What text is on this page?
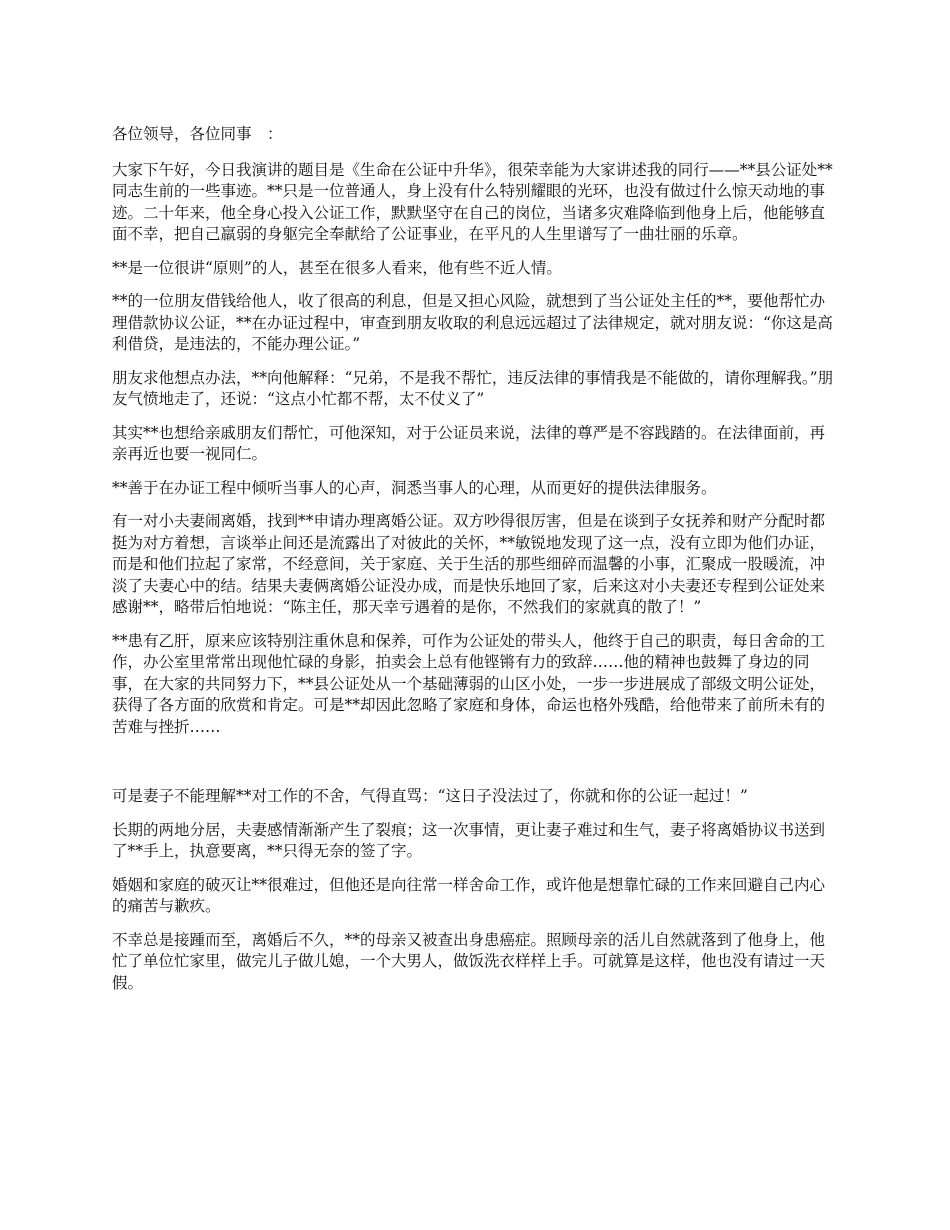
各位领导，各位同事　：

大家下午好，今日我演讲的题目是《生命在公证中升华》，很荣幸能为大家讲述我的同行——**县公证处**同志生前的一些事迹。**只是一位普通人，身上没有什么特别耀眼的光环，也没有做过什么惊天动地的事迹。二十年来，他全身心投入公证工作，默默坚守在自己的岗位，当诸多灾难降临到他身上后，他能够直面不幸，把自己羸弱的身躯完全奉献给了公证事业，在平凡的人生里谱写了一曲壮丽的乐章。

**是一位很讲“原则”的人，甚至在很多人看来，他有些不近人情。

**的一位朋友借钱给他人，收了很高的利息，但是又担心风险，就想到了当公证处主任的**，要他帮忙办理借款协议公证，**在办证过程中，审查到朋友收取的利息远远超过了法律规定，就对朋友说：“你这是高利借贷，是违法的，不能办理公证。”

朋友求他想点办法，**向他解释：“兄弟，不是我不帮忙，违反法律的事情我是不能做的，请你理解我。”朋友气愤地走了，还说：“这点小忙都不帮，太不仗义了”

其实**也想给亲戚朋友们帮忙，可他深知，对于公证员来说，法律的尊严是不容践踏的。在法律面前，再亲再近也要一视同仁。

**善于在办证工程中倾听当事人的心声，洞悉当事人的心理，从而更好的提供法律服务。

有一对小夫妻闹离婚，找到**申请办理离婚公证。双方吵得很厉害，但是在谈到子女抚养和财产分配时都挺为对方着想，言谈举止间还是流露出了对彼此的关怀，**敏锐地发现了这一点，没有立即为他们办证，而是和他们拉起了家常，不经意间，关于家庭、关于生活的那些细碎而温馨的小事，汇聚成一股暖流，冲淡了夫妻心中的结。结果夫妻俩离婚公证没办成，而是快乐地回了家，后来这对小夫妻还专程到公证处来感谢**，略带后怕地说：“陈主任，那天幸亏遇着的是你，不然我们的家就真的散了！”

**患有乙肝，原来应该特别注重休息和保养，可作为公证处的带头人，他终于自己的职责，每日舍命的工作，办公室里常常出现他忙碌的身影，拍卖会上总有他铿锵有力的致辞……他的精神也鼓舞了身边的同事，在大家的共同努力下，**县公证处从一个基础薄弱的山区小处，一步一步进展成了部级文明公证处，获得了各方面的欣赏和肯定。可是**却因此忽略了家庭和身体，命运也格外残酷，给他带来了前所未有的苦难与挫折……

可是妻子不能理解**对工作的不舍，气得直骂：“这日子没法过了，你就和你的公证一起过！”

长期的两地分居，夫妻感情渐渐产生了裂痕；这一次事情，更让妻子难过和生气，妻子将离婚协议书送到了**手上，执意要离，**只得无奈的签了字。

婚姻和家庭的破灭让**很难过，但他还是向往常一样舍命工作，或许他是想靠忙碌的工作来回避自己内心的痛苦与歉疚。

不幸总是接踵而至，离婚后不久，**的母亲又被查出身患癌症。照顾母亲的活儿自然就落到了他身上，他忙了单位忙家里，做完儿子做儿媳，一个大男人，做饭洗衣样样上手。可就算是这样，他也没有请过一天假。
